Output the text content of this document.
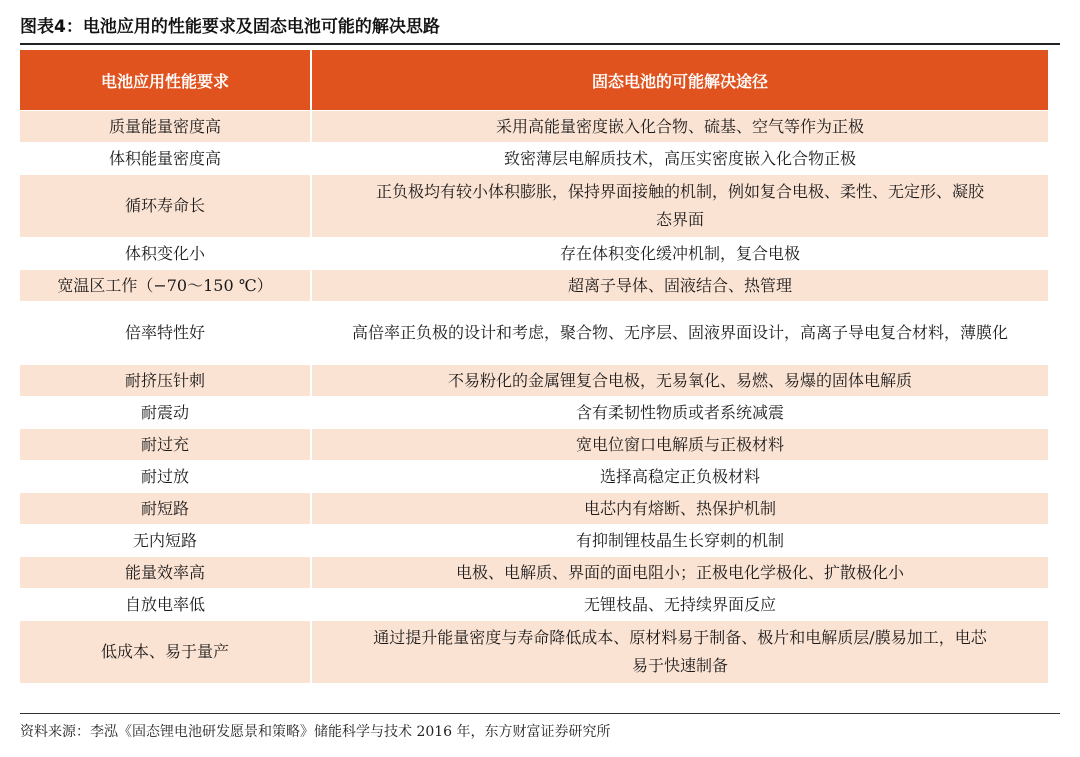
图表4：电池应用的性能要求及固态电池可能的解决思路
电池应用性能要求	固态电池的可能解决途径
质量能量密度高	采用高能量密度嵌入化合物、硫基、空气等作为正极
体积能量密度高	致密薄层电解质技术，高压实密度嵌入化合物正极
循环寿命长	正负极均有较小体积膨胀，保持界面接触的机制，例如复合电极、柔性、无定形、凝胶态界面
体积变化小	存在体积变化缓冲机制，复合电极
宽温区工作（−70～150 ℃）	超离子导体、固液结合、热管理
倍率特性好	高倍率正负极的设计和考虑，聚合物、无序层、固液界面设计，高离子导电复合材料，薄膜化
耐挤压针刺	不易粉化的金属锂复合电极，无易氧化、易燃、易爆的固体电解质
耐震动	含有柔韧性物质或者系统减震
耐过充	宽电位窗口电解质与正极材料
耐过放	选择高稳定正负极材料
耐短路	电芯内有熔断、热保护机制
无内短路	有抑制锂枝晶生长穿刺的机制
能量效率高	电极、电解质、界面的面电阻小；正极电化学极化、扩散极化小
自放电率低	无锂枝晶、无持续界面反应
低成本、易于量产	通过提升能量密度与寿命降低成本、原材料易于制备、极片和电解质层/膜易加工，电芯易于快速制备
资料来源：李泓《固态锂电池研发愿景和策略》储能科学与技术 2016 年，东方财富证券研究所
